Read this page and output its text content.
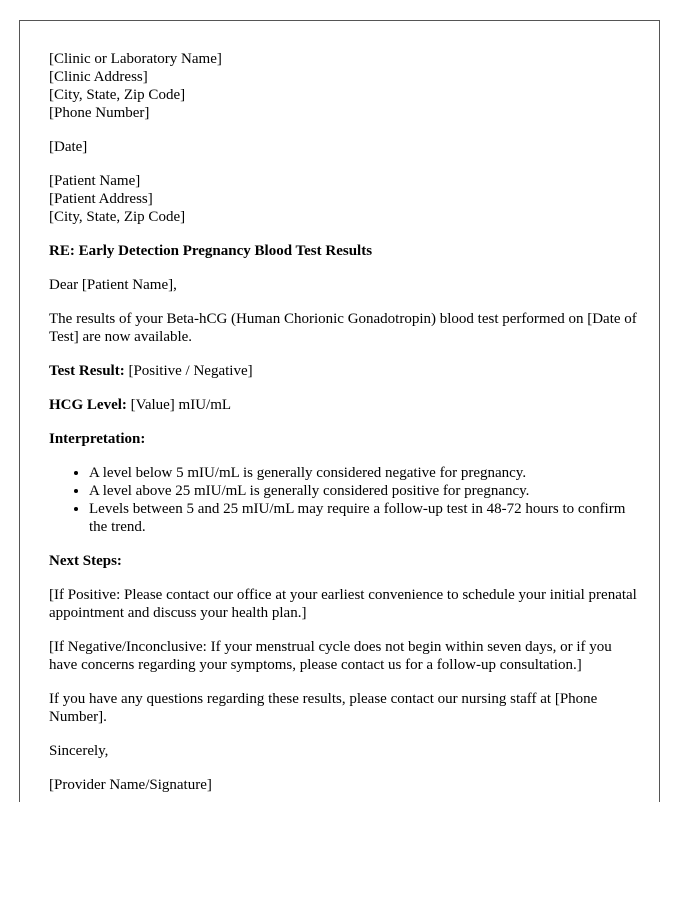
[Clinic or Laboratory Name]
[Clinic Address]
[City, State, Zip Code]
[Phone Number]

[Date]

[Patient Name]
[Patient Address]
[City, State, Zip Code]

RE: Early Detection Pregnancy Blood Test Results

Dear [Patient Name],

The results of your Beta-hCG (Human Chorionic Gonadotropin) blood test performed on [Date of Test] are now available.

Test Result: [Positive / Negative]

HCG Level: [Value] mIU/mL

Interpretation:

• A level below 5 mIU/mL is generally considered negative for pregnancy.
• A level above 25 mIU/mL is generally considered positive for pregnancy.
• Levels between 5 and 25 mIU/mL may require a follow-up test in 48-72 hours to confirm the trend.

Next Steps:

[If Positive: Please contact our office at your earliest convenience to schedule your initial prenatal appointment and discuss your health plan.]

[If Negative/Inconclusive: If your menstrual cycle does not begin within seven days, or if you have concerns regarding your symptoms, please contact us for a follow-up consultation.]

If you have any questions regarding these results, please contact our nursing staff at [Phone Number].

Sincerely,

[Provider Name/Signature]
